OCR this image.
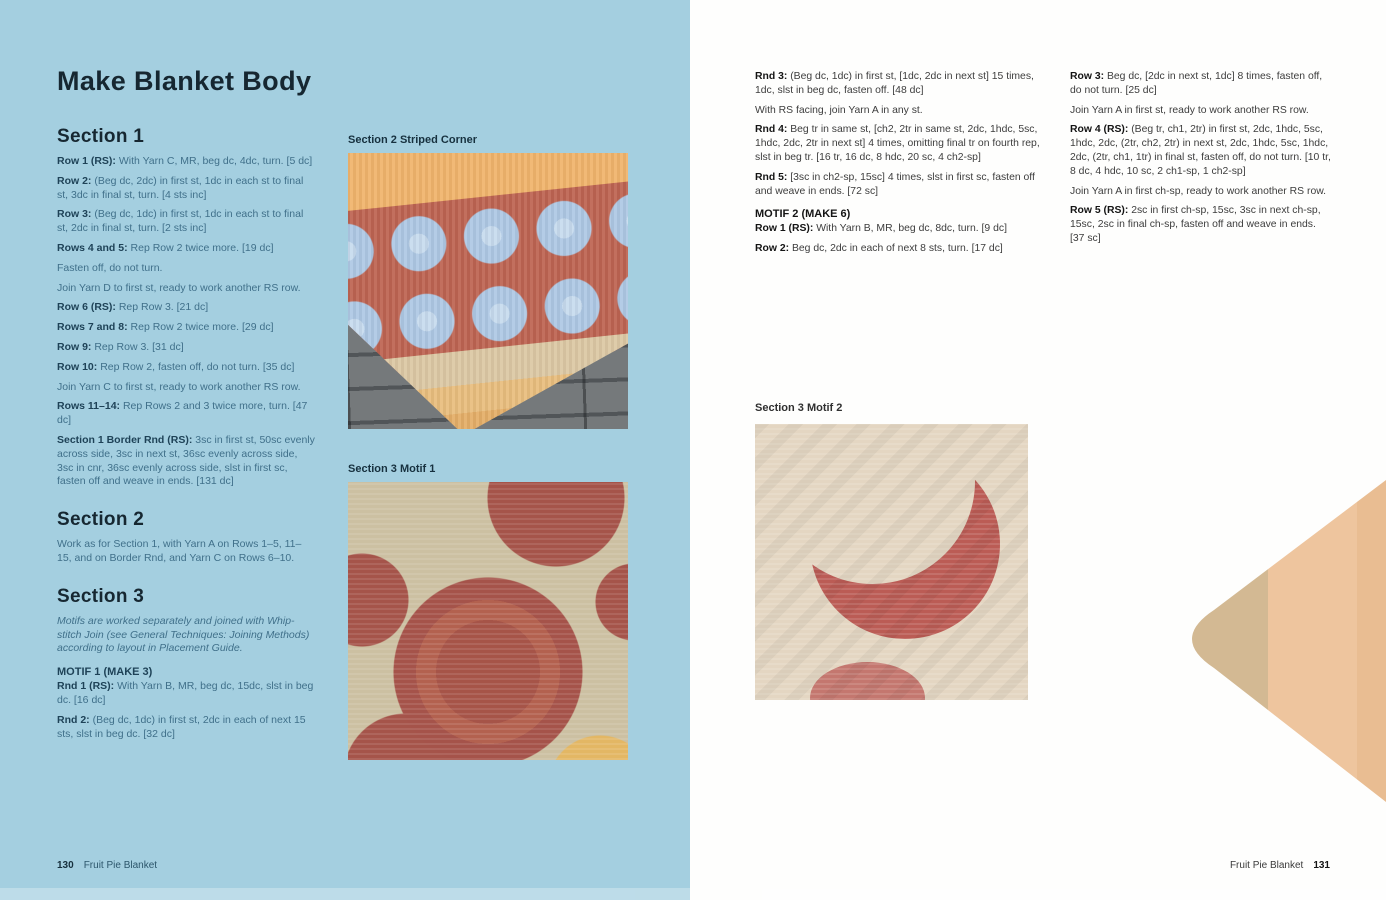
Make Blanket Body
Section 1

Row 1 (RS): With Yarn C, MR, beg dc, 4dc, turn. [5 dc]

Row 2: (Beg dc, 2dc) in first st, 1dc in each st to final st, 3dc in final st, turn. [4 sts inc]

Row 3: (Beg dc, 1dc) in first st, 1dc in each st to final st, 2dc in final st, turn. [2 sts inc]

Rows 4 and 5: Rep Row 2 twice more. [19 dc]

Fasten off, do not turn.

Join Yarn D to first st, ready to work another RS row.

Row 6 (RS): Rep Row 3. [21 dc]

Rows 7 and 8: Rep Row 2 twice more. [29 dc]

Row 9: Rep Row 3. [31 dc]

Row 10: Rep Row 2, fasten off, do not turn. [35 dc]

Join Yarn C to first st, ready to work another RS row.

Rows 11–14: Rep Rows 2 and 3 twice more, turn. [47 dc]

Section 1 Border Rnd (RS): 3sc in first st, 50sc evenly across side, 3sc in next st, 36sc evenly across side, 3sc in cnr, 36sc evenly across side, slst in first sc, fasten off and weave in ends. [131 dc]

Section 2

Work as for Section 1, with Yarn A on Rows 1–5, 11–15, and on Border Rnd, and Yarn C on Rows 6–10.

Section 3

Motifs are worked separately and joined with Whip-stitch Join (see General Techniques: Joining Methods) according to layout in Placement Guide.

MOTIF 1 (MAKE 3)

Rnd 1 (RS): With Yarn B, MR, beg dc, 15dc, slst in beg dc. [16 dc]

Rnd 2: (Beg dc, 1dc) in first st, 2dc in each of next 15 sts, slst in beg dc. [32 dc]

Section 2 Striped Corner
Section 3 Motif 1
130 Fruit Pie Blanket

Rnd 3: (Beg dc, 1dc) in first st, [1dc, 2dc in next st] 15 times, 1dc, slst in beg dc, fasten off. [48 dc]

With RS facing, join Yarn A in any st.

Rnd 4: Beg tr in same st, [ch2, 2tr in same st, 2dc, 1hdc, 5sc, 1hdc, 2dc, 2tr in next st] 4 times, omitting final tr on fourth rep, slst in beg tr. [16 tr, 16 dc, 8 hdc, 20 sc, 4 ch2-sp]

Rnd 5: [3sc in ch2-sp, 15sc] 4 times, slst in first sc, fasten off and weave in ends. [72 sc]

MOTIF 2 (MAKE 6)

Row 1 (RS): With Yarn B, MR, beg dc, 8dc, turn. [9 dc]

Row 2: Beg dc, 2dc in each of next 8 sts, turn. [17 dc]

Row 3: Beg dc, [2dc in next st, 1dc] 8 times, fasten off, do not turn. [25 dc]

Join Yarn A in first st, ready to work another RS row.

Row 4 (RS): (Beg tr, ch1, 2tr) in first st, 2dc, 1hdc, 5sc, 1hdc, 2dc, (2tr, ch2, 2tr) in next st, 2dc, 1hdc, 5sc, 1hdc, 2dc, (2tr, ch1, 1tr) in final st, fasten off, do not turn. [10 tr, 8 dc, 4 hdc, 10 sc, 2 ch1-sp, 1 ch2-sp]

Join Yarn A in first ch-sp, ready to work another RS row.

Row 5 (RS): 2sc in first ch-sp, 15sc, 3sc in next ch-sp, 15sc, 2sc in final ch-sp, fasten off and weave in ends. [37 sc]

Section 3 Motif 2
Fruit Pie Blanket 131
